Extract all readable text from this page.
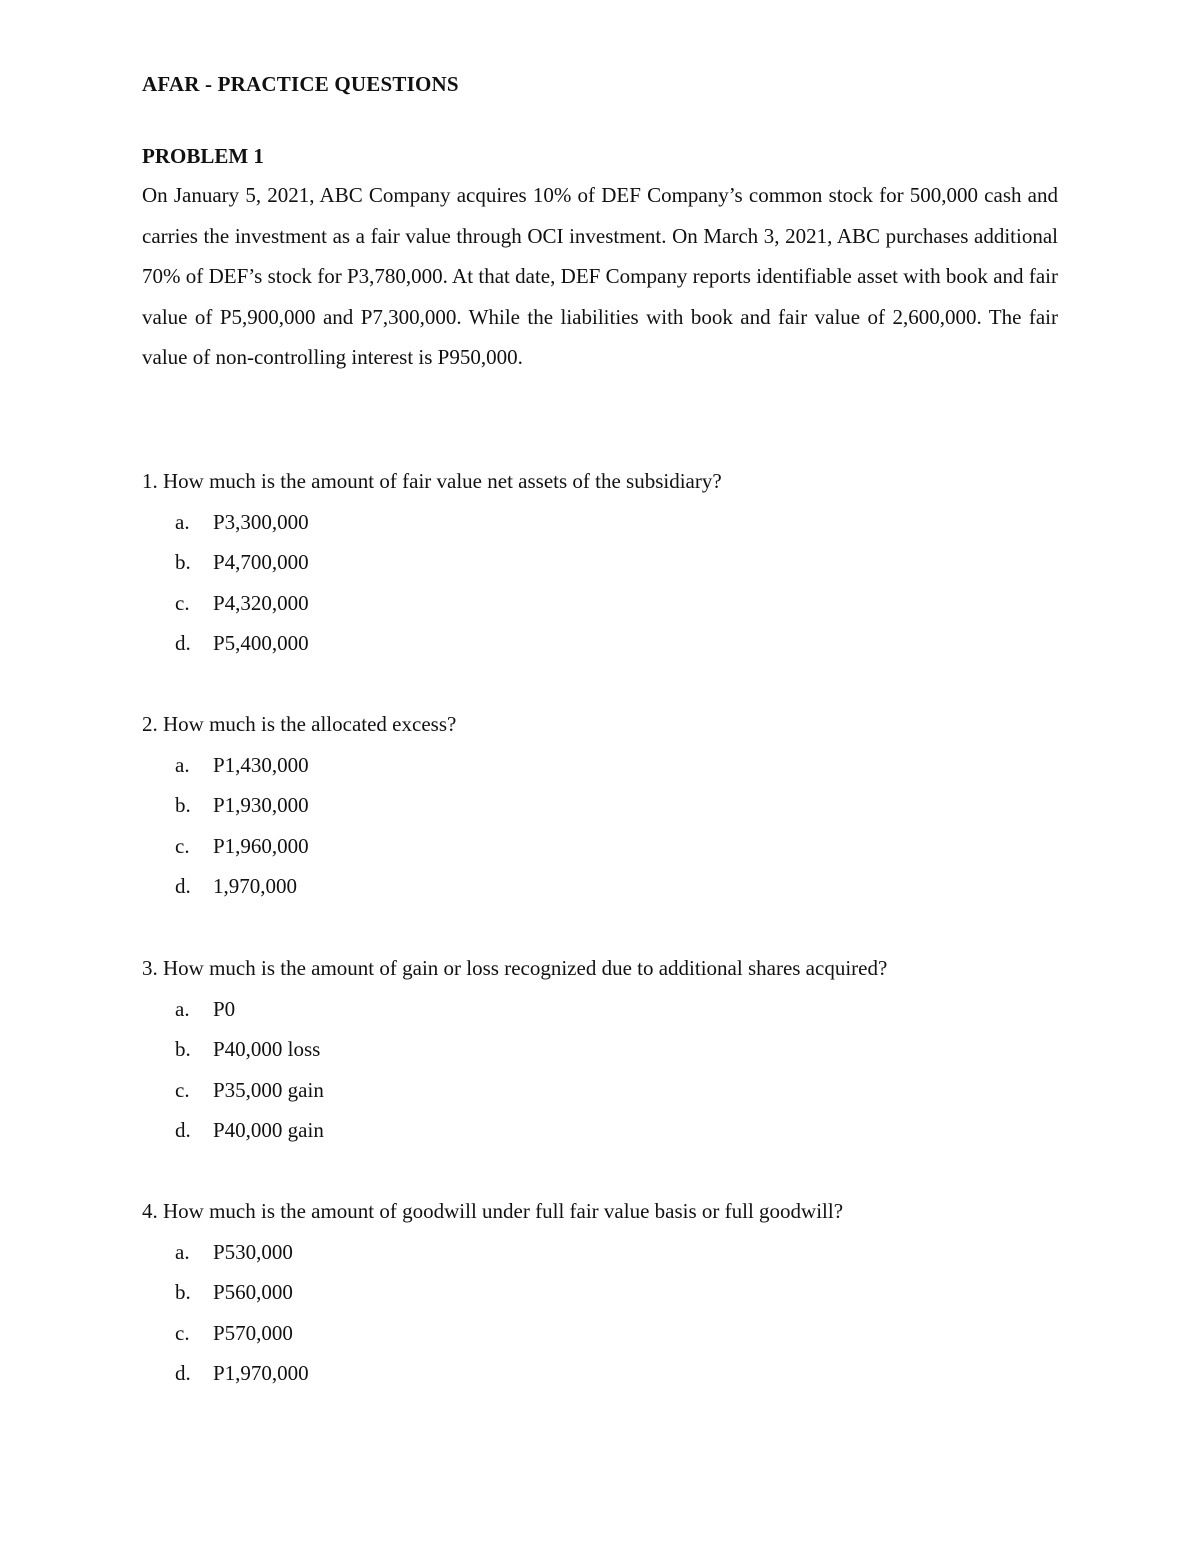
AFAR - PRACTICE QUESTIONS
PROBLEM 1

On January 5, 2021, ABC Company acquires 10% of DEF Company’s common stock for 500,000 cash and carries the investment as a fair value through OCI investment. On March 3, 2021, ABC purchases additional 70% of DEF’s stock for P3,780,000. At that date, DEF Company reports identifiable asset with book and fair value of P5,900,000 and P7,300,000. While the liabilities with book and fair value of 2,600,000. The fair value of non-controlling interest is P950,000.

1. How much is the amount of fair value net assets of the subsidiary?

a.	P3,300,000
b.	P4,700,000
c.	P4,320,000
d.	P5,400,000

2. How much is the allocated excess?

a.	P1,430,000
b.	P1,930,000
c.	P1,960,000
d.	1,970,000

3. How much is the amount of gain or loss recognized due to additional shares acquired?

a.	P0
b.	P40,000 loss
c.	P35,000 gain
d.	P40,000 gain

4. How much is the amount of goodwill under full fair value basis or full goodwill?

a.	P530,000
b.	P560,000
c.	P570,000
d.	P1,970,000
